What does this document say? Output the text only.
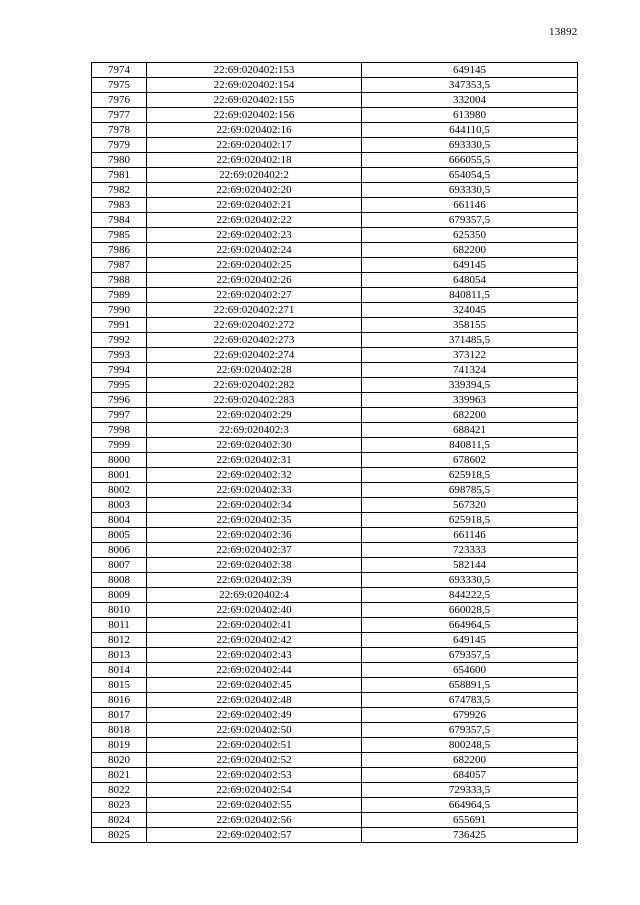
13892
7974	22:69:020402:153	649145
7975	22:69:020402:154	347353,5
7976	22:69:020402:155	332004
7977	22:69:020402:156	613980
7978	22:69:020402:16	644110,5
7979	22:69:020402:17	693330,5
7980	22:69:020402:18	666055,5
7981	22:69:020402:2	654054,5
7982	22:69:020402:20	693330,5
7983	22:69:020402:21	661146
7984	22:69:020402:22	679357,5
7985	22:69:020402:23	625350
7986	22:69:020402:24	682200
7987	22:69:020402:25	649145
7988	22:69:020402:26	648054
7989	22:69:020402:27	840811,5
7990	22:69:020402:271	324045
7991	22:69:020402:272	358155
7992	22:69:020402:273	371485,5
7993	22:69:020402:274	373122
7994	22:69:020402:28	741324
7995	22:69:020402:282	339394,5
7996	22:69:020402:283	339963
7997	22:69:020402:29	682200
7998	22:69:020402:3	688421
7999	22:69:020402:30	840811,5
8000	22:69:020402:31	678602
8001	22:69:020402:32	625918,5
8002	22:69:020402:33	698785,5
8003	22:69:020402:34	567320
8004	22:69:020402:35	625918,5
8005	22:69:020402:36	661146
8006	22:69:020402:37	723333
8007	22:69:020402:38	582144
8008	22:69:020402:39	693330,5
8009	22:69:020402:4	844222,5
8010	22:69:020402:40	660028,5
8011	22:69:020402:41	664964,5
8012	22:69:020402:42	649145
8013	22:69:020402:43	679357,5
8014	22:69:020402:44	654600
8015	22:69:020402:45	658891,5
8016	22:69:020402:48	674783,5
8017	22:69:020402:49	679926
8018	22:69:020402:50	679357,5
8019	22:69:020402:51	800248,5
8020	22:69:020402:52	682200
8021	22:69:020402:53	684057
8022	22:69:020402:54	729333,5
8023	22:69:020402:55	664964,5
8024	22:69:020402:56	655691
8025	22:69:020402:57	736425
